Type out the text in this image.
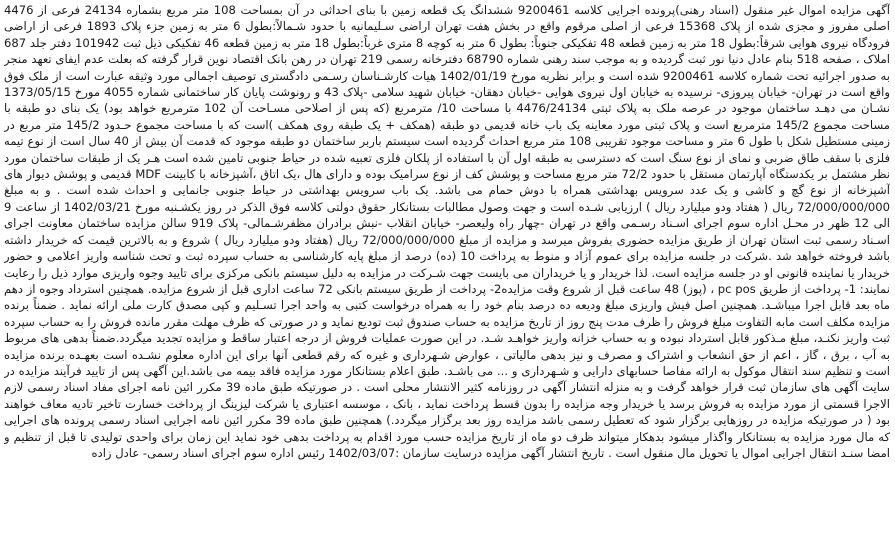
آگهی مزایده اموال غیر منقول (اسناد رهنی)پرونده اجرایی کلاسه 9200461 ششدانگ یک قطعه زمین با بنای احداثی در آن بمساحت 108 متر مربع بشماره 24134 فرعی از 4476 اصلی مفروز و مجزی شده از پلاک 15368 فرعی از اصلی مرقوم واقع در بخش هفت تهران اراضی سـلیمانیه با حدود شـمالاً:بطول 6 متر به زمین جزء پلاک 1893 فرعی از اراضی فرودگاه نیروی هوایی شرقاً:بطول 18 متر به زمین قطعه 48 تفکیکی جنوباً: بطول 6 متر به کوچه 8 متری غرباً:بطول 18 متر به زمین قطعه 46 تفکیکی ذیل ثبت 101942 دفتر جلد 687 املاک ، صفحه 518 بنام عادل دنیا نور ثبت گردیده و به موجب سند رهنی شماره 68790 دفترخانه رسمی 219 تهران در رهن بانک اقتصاد نوین قرار گرفته که بعلت عدم ایفای تعهد منجر به صدور اجرائیه تحت شماره کلاسه 9200461 شده است و برابر نظریه مورخ 1402/01/19 هیات کارشـناسان رسـمی دادگستری توصیف اجمالی مورد وثیقه عبارت است از ملک فوق واقع است در تهران- خیابان پیروزی- نرسیده به خیابان اول نیروی هوایی -خیابان دهقان- خیابان شهید سلامی -پلاک 43 و رونوشت پایان کار ساختمانی شماره 4055 مورخ 1373/05/15 نشـان می دهـد ساختمان موجود در عرصه ملک به پلاک ثبتی 4476/24134 با مساحت 10/ مترمربع (که پس از اصلاحی مسـاحت آن 102 مترمربع خواهد بود) یک بنای دو طبقه با مساحت مجموع 145/2 مترمربع است و پلاک ثبتی مورد معاینه یک باب خانه قدیمی دو طبقه (همکف + یک طبقه روی همکف )است که با مساحت مجموع حـدود 145/2 متر مربع در زمینی مستطیل شکل با طول 6 متر و مساحت موجود تقریبی 108 متر مربع احداث گردیده است سیستم باربر ساختمان دو طبقه موجود که قدمت آن بیش از 40 سال است از نوع تیمه فلزی با سقف طاق ضربی و نمای از نوع سنگ است که دسترسی به طبقه اول آن با استفاده از پلکان فلزی تعبیه شده در حیاط جنوبی تامین شده است هـر یک از طبقات ساختمان مورد نظر مشتمل بر یکدستگاه آپارتمان مستقل با حدود 72/2 متر مربع مساحت و پوشش کف از نوع سرامیک بوده و دارای هال ،یک اتاق ،آشپزخانه با کابینت MDF قدیمی و پوشش دیوار های آشپزخانه از نوع گچ و کاشی و یک عدد سرویس بهداشتی همراه با دوش حمام می باشد. یک باب سرویس بهداشتی در حیاط جنوبی جانمایی و احداث شده است . و به مبلغ 72/000/000/000 ریال ( هفتاد ودو میلیارد ریال ) ارزیابی شـده است و جهت وصول مطالبات بستانکار حقوق دولتی کلاسه فوق الذکر در روز یکشـنبه مورخ 1402/03/21 از ساعت 9 الی 12 ظهر در محـل اداره سوم اجرای اسـناد رسـمی واقع در تهران -چهار راه ولیعصر- خیابان انقلاب -نبش برادران مظفرشـمالی- پلاک 919 سالن مزایده ساختمان معاونت اجرای اسـناد رسمی ثبت استان تهران از طریق مزایده حضوری بفروش میرسد و مزایده از مبلغ 72/000/000/000 ریال (هفتاد ودو میلیارد ریال ) شروع و به بالاترین قیمت که خریدار داشته باشد فروخته خواهد شد .شرکت در جلسه مزایده برای عموم آزاد و منوط به پرداخت 10 (ده) درصد از مبلغ پایه کارشناسی به حساب سپرده ثبت و تحت شناسه واریز اعلامی و حضور خریدار یا نماینده قانونی او در جلسه مزایده است. لذا خریدار و یا خریداران می بایست جهت شـرکت در مزایده به دلیل سیستم بانکی مرکزی برای تایید وجوه واریزی موارد ذیل را رعایت نمایند: 1- پرداخت از طریق pc pos ، (پوز) 48 ساعت قبل از شروع وقت مزایده2- پرداخت از طریق سیستم بانکی 72 ساعت اداری قبل از شروع مزایده. همچنین استرداد وجوه از دهم ماه بعد قابل اجرا میباشـد. همچنین اصل فیش واریزی مبلغ ودیعه ده درصد بنام خود را به همراه درخواست کتبی به واحد اجرا تسـلیم و کپی مصدق کارت ملی ارائه نماید . ضمناً برنده مزایده مکلف است مابه التفاوت مبلغ فروش را ظرف مدت پنج روز از تاریخ مزایده به حساب صندوق ثبت تودیع نماید و در صورتی که ظرف مهلت مقرر مانده فروش را به حساب سپرده ثبت واریز نکنـد، مبلغ مـذکور قابل استرداد نبوده و به حساب خزانه واریز خواهـد شـد. در این صورت عملیات فروش از درجه اعتبار ساقط و مزایده تجدید میگردد.ضمناً بدهی های مربوط به آب ، برق ، گاز ، اعم از حق انشعاب و اشتراک و مصرف و نیز بدهی مالیاتی ، عوارض شـهرداری و غیره که رقم قطعی آنها برای این اداره معلوم نشـده است بعهـده برنده مزایده است و تنظیم سند انتقال موکول به ارائه مفاصا حسابهای دارایی و شـهرداری و ... می باشـد. طبق اعلام بستانکار مورد مزایده فاقد بیمه می باشد.این آگهی پس از تایید فرآیند مزایده در سایت آگهی های سازمان ثبت قرار خواهد گرفت و به منزله انتشار آگهی در روزنامه کثیر الانتشار محلی است . در صورتیکه طبق ماده 39 مکرر ائین نامه اجرای مفاد اسناد رسمی لازم الاجرا قسمتی از مورد مزایده به فروش برسد یا خریدار وجه مزایده را بدون قسط پرداخت نماید ، بانک ، موسسه اعتباری یا شرکت لیزینگ از پرداخت خسارت تاخیر تادیه معاف خواهند بود ( در صورتیکه مزایده در روزهایی برگزار شود که تعطیل رسمی باشد مزایده روز بعد برگزار میگردد.) همچنین طبق ماده 39 مکرر ائین نامه اجرایی اسناد رسمی پرونده های اجرایی که مال مورد مزایده به بستانکار واگذار میشود بدهکار میتواند ظرف دو ماه از تاریخ مزایده حسب مورد اقدام به پرداخت بدهی خود نماید این زمان برای واحدی تولیدی تا قبل از تنظیم و امضا سنـد انتقال اجرایی اموال یا تحویل مال منقول است . تاریخ انتشار آگهی مزایده درسایت سازمان :1402/03/07 رئیس اداره سوم اجرای اسناد رسمی- عادل زاده
